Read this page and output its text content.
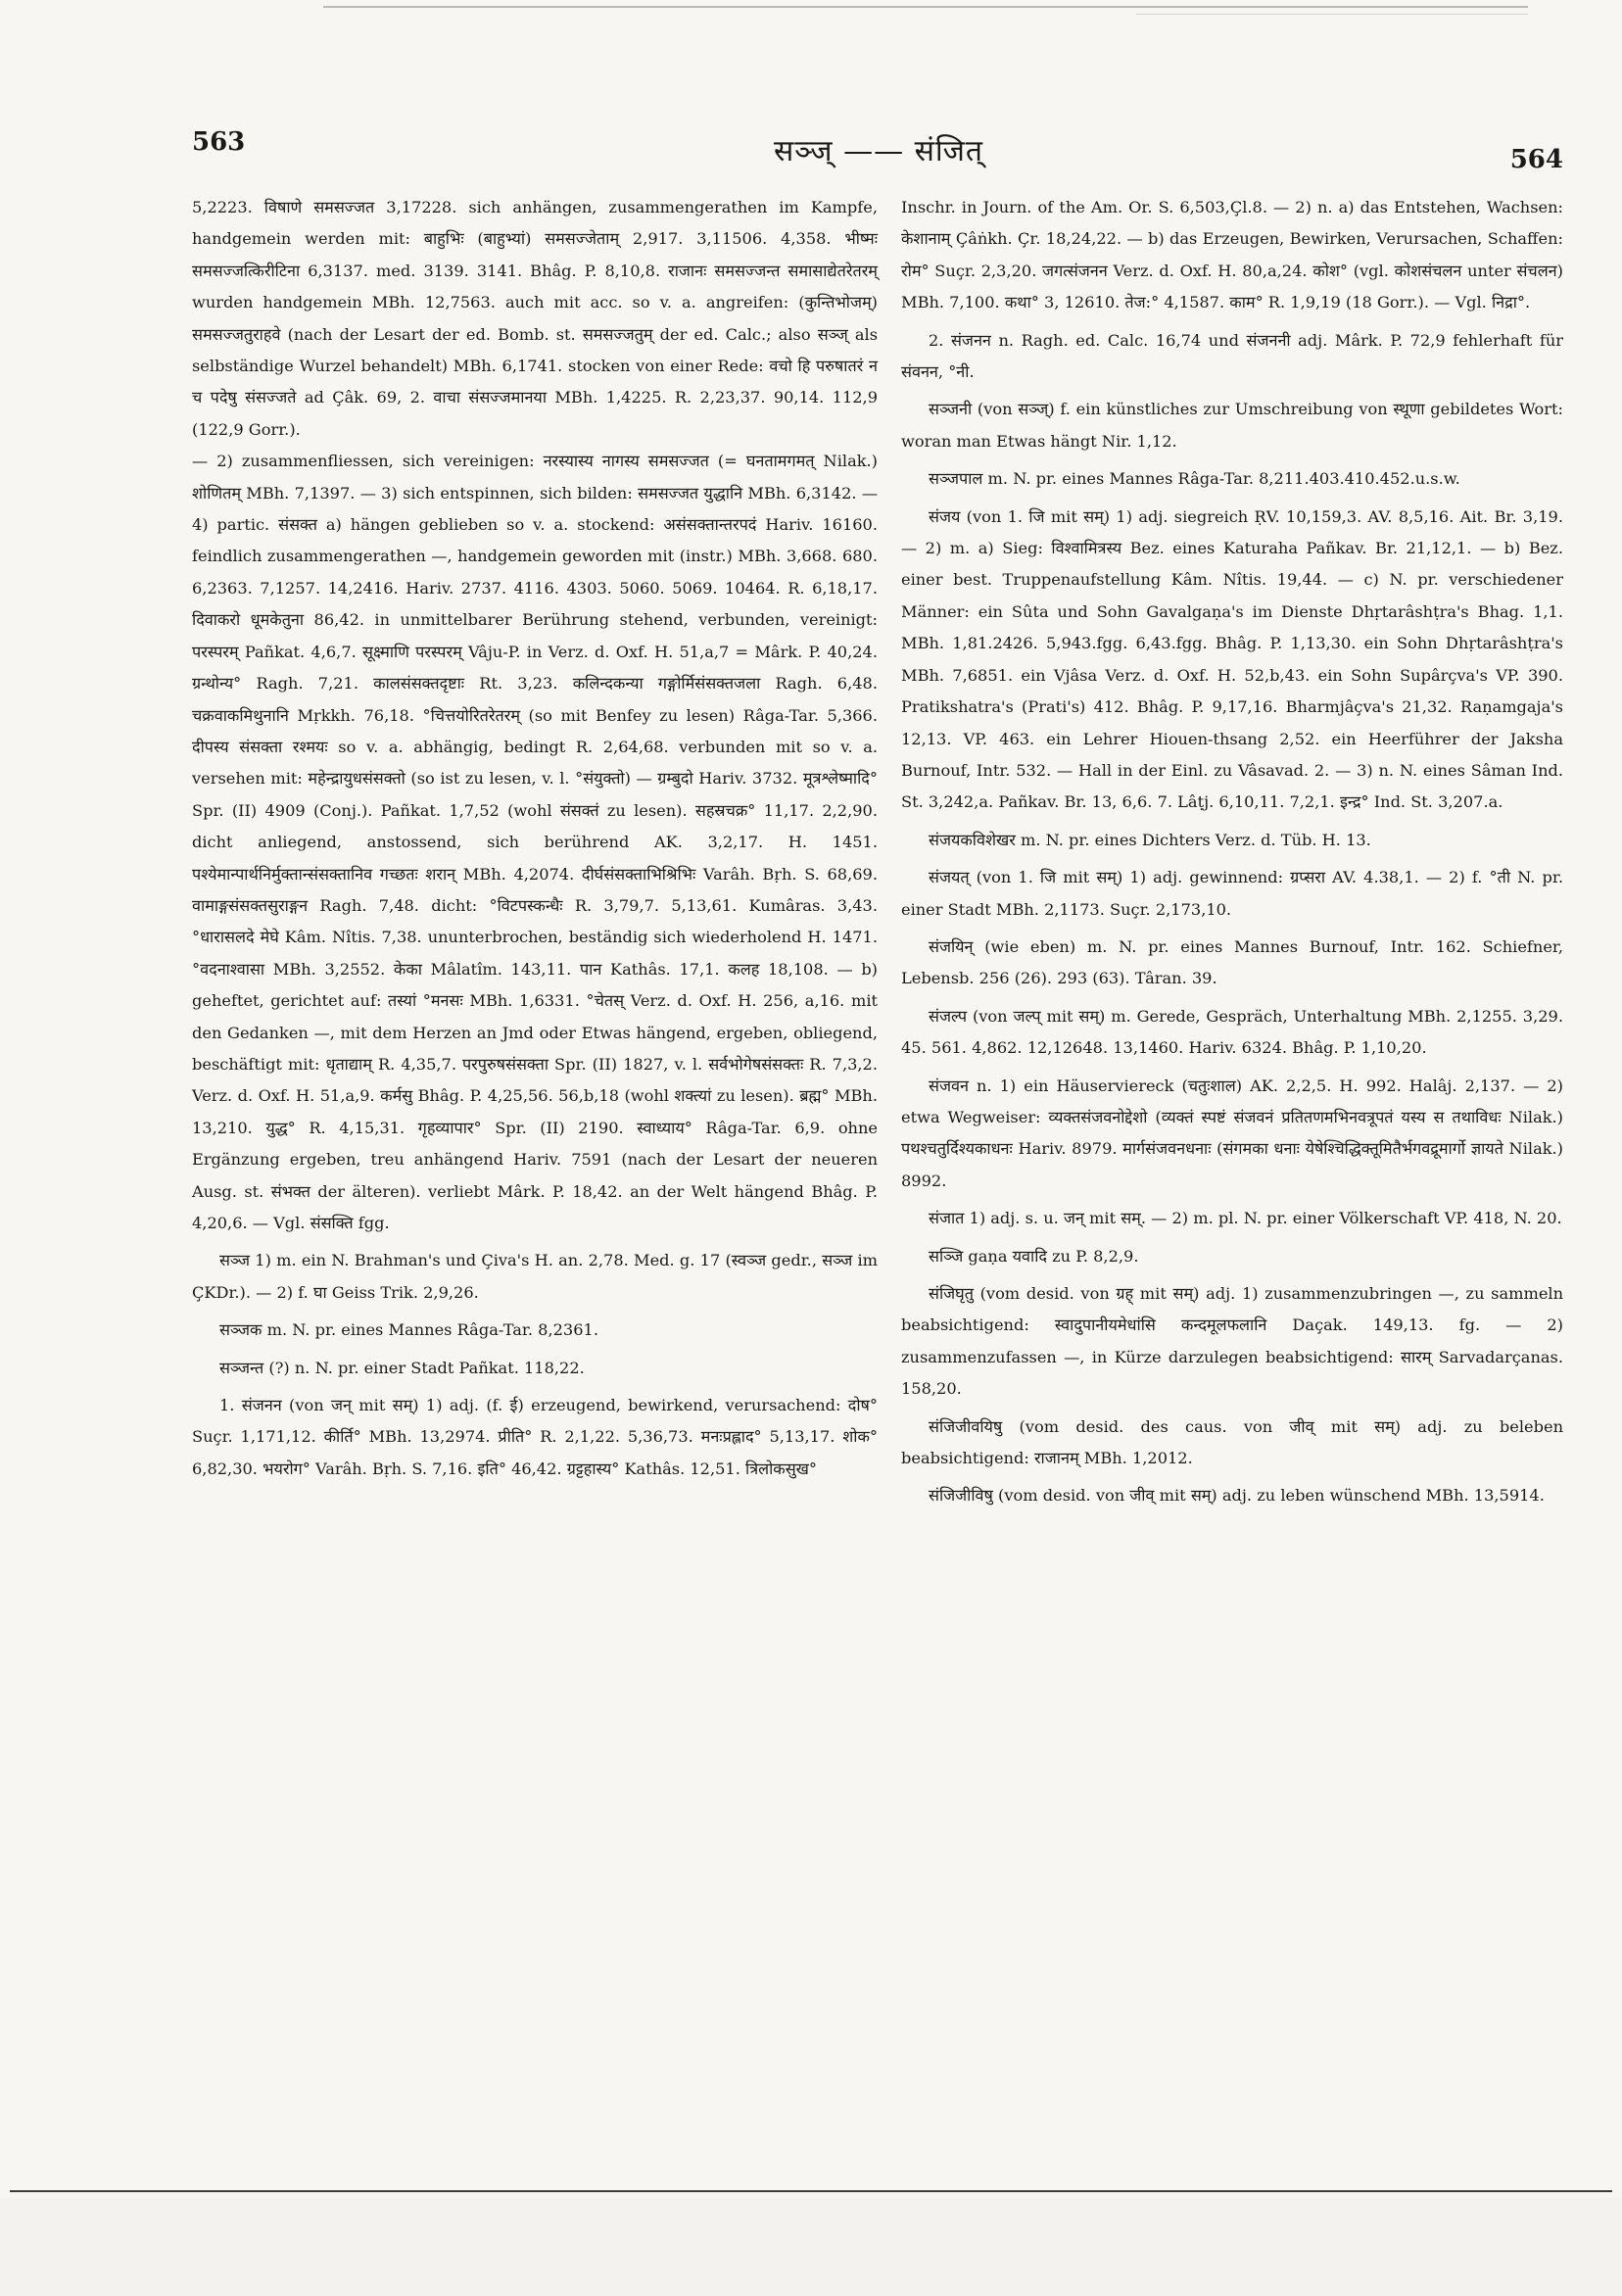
563	सञ्ज् —— संजित्	564

5,2223. विषाणे समसज्जत 3,17228. sich anhängen, zusammengerathen im Kampfe, handgemein werden mit: बाहुभिः (बाहुभ्यां) समसज्जेताम् 2,917. 3,11506. 4,358. भीष्मः समसज्जत्किरीटिना 6,3137. med. 3139. 3141. Bhâg. P. 8,10,8. राजानः समसज्जन्त समासाद्येतरेतरम् wurden handgemein MBh. 12,7563. auch mit acc. so v. a. angreifen: (कुन्तिभोजम्) समसज्जतुराहवे (nach der Lesart der ed. Bomb. st. समसज्जतुम् der ed. Calc.; also सञ्ज् als selbständige Wurzel behandelt) MBh. 6,1741. stocken von einer Rede: वचो हि परुषातरं न च पदेषु संसज्जते ad Çâk. 69, 2. वाचा संसज्जमानया MBh. 1,4225. R. 2,23,37. 90,14. 112,9 (122,9 Gorr.).

— 2) zusammenfliessen, sich vereinigen: नरस्यास्य नागस्य समसज्जत (= घनतामगमत् Nilak.) शोणितम् MBh. 7,1397. — 3) sich entspinnen, sich bilden: समसज्जत युद्धानि MBh. 6,3142. — 4) partic. संसक्त a) hängen geblieben so v. a. stockend: असंसक्तान्तरपदं Hariv. 16160. feindlich zusammengerathen —, handgemein geworden mit (instr.) MBh. 3,668. 680. 6,2363. 7,1257. 14,2416. Hariv. 2737. 4116. 4303. 5060. 5069. 10464. R. 6,18,17. दिवाकरो धूमकेतुना 86,42. in unmittelbarer Berührung stehend, verbunden, vereinigt: परस्परम् Pañkat. 4,6,7. सूक्ष्माणि परस्परम् Vâju-P. in Verz. d. Oxf. H. 51,a,7 = Mârk. P. 40,24. ग्रन्थोन्य° Ragh. 7,21. कालसंसक्तदृष्टाः Rt. 3,23. कलिन्दकन्या गङ्गोर्मिसंसक्तजला Ragh. 6,48. चक्रवाकमिथुनानि Mṛkkh. 76,18. °चित्तयोरितरेतरम् (so mit Benfey zu lesen) Râga-Tar. 5,366. दीपस्य संसक्ता रश्मयः so v. a. abhängig, bedingt R. 2,64,68. verbunden mit so v. a. versehen mit: महेन्द्रायुधसंसक्तो (so ist zu lesen, v. l. °संयुक्तो) — ग्रम्बुदो Hariv. 3732. मूत्रश्लेष्मादि° Spr. (II) 4909 (Conj.). Pañkat. 1,7,52 (wohl संसक्तं zu lesen). सहस्रचक्र° 11,17. 2,2,90. dicht anliegend, anstossend, sich berührend AK. 3,2,17. H. 1451. पश्येमान्पार्थनिर्मुक्तान्संसक्तानिव गच्छतः शरान् MBh. 4,2074. दीर्घसंसक्ताभिश्रिभिः Varâh. Bṛh. S. 68,69. वामाङ्गसंसक्तसुराङ्गन Ragh. 7,48. dicht: °विटपस्कन्धैः R. 3,79,7. 5,13,61. Kumâras. 3,43. °धारासलदे मेघे Kâm. Nîtis. 7,38. ununterbrochen, beständig sich wiederholend H. 1471. °वदनाश्वासा MBh. 3,2552. केका Mâlatîm. 143,11. पान Kathâs. 17,1. कलह 18,108. — b) geheftet, gerichtet auf: तस्यां °मनसः MBh. 1,6331. °चेतस् Verz. d. Oxf. H. 256, a,16. mit den Gedanken —, mit dem Herzen an Jmd oder Etwas hängend, ergeben, obliegend, beschäftigt mit: धृताद्याम् R. 4,35,7. परपुरुषसंसक्ता Spr. (II) 1827, v. l. सर्वभोगेषसंसक्तः R. 7,3,2. Verz. d. Oxf. H. 51,a,9. कर्मसु Bhâg. P. 4,25,56. 56,b,18 (wohl शक्त्यां zu lesen). ब्रह्म° MBh. 13,210. युद्ध° R. 4,15,31. गृहव्यापार° Spr. (II) 2190. स्वाध्याय° Râga-Tar. 6,9. ohne Ergänzung ergeben, treu anhängend Hariv. 7591 (nach der Lesart der neueren Ausg. st. संभक्त der älteren). verliebt Mârk. P. 18,42. an der Welt hängend Bhâg. P. 4,20,6. — Vgl. संसक्ति fgg.

सञ्ज 1) m. ein N. Brahman's und Çiva's H. an. 2,78. Med. g. 17 (स्वञ्ज gedr., सञ्ज im ÇKDr.). — 2) f. घा Geiss Trik. 2,9,26.

सञ्जक m. N. pr. eines Mannes Râga-Tar. 8,2361.

सञ्जन्त (?) n. N. pr. einer Stadt Pañkat. 118,22.

1. संजनन (von जन् mit सम्) 1) adj. (f. ई) erzeugend, bewirkend, verursachend: दोष° Suçr. 1,171,12. कीर्ति° MBh. 13,2974. प्रीति° R. 2,1,22. 5,36,73. मनःप्रह्लाद° 5,13,17. शोक° 6,82,30. भयरोग° Varâh. Bṛh. S. 7,16. इति° 46,42. ग्रट्टहास्य° Kathâs. 12,51. त्रिलोकसुख°

Inschr. in Journ. of the Am. Or. S. 6,503,Çl.8. — 2) n. a) das Entstehen, Wachsen: केशानाम् Çâṅkh. Çr. 18,24,22. — b) das Erzeugen, Bewirken, Verursachen, Schaffen: रोम° Suçr. 2,3,20. जगत्संजनन Verz. d. Oxf. H. 80,a,24. कोश° (vgl. कोशसंचलन unter संचलन) MBh. 7,100. कथा° 3, 12610. तेज:° 4,1587. काम° R. 1,9,19 (18 Gorr.). — Vgl. निद्रा°.

2. संजनन n. Ragh. ed. Calc. 16,74 und संजननी adj. Mârk. P. 72,9 fehlerhaft für संवनन, °नी.

सञ्जनी (von सञ्ज्) f. ein künstliches zur Umschreibung von स्थूणा gebildetes Wort: woran man Etwas hängt Nir. 1,12.

सञ्जपाल m. N. pr. eines Mannes Râga-Tar. 8,211.403.410.452.u.s.w.

संजय (von 1. जि mit सम्) 1) adj. siegreich ṚV. 10,159,3. AV. 8,5,16. Ait. Br. 3,19. — 2) m. a) Sieg: विश्वामित्रस्य Bez. eines Katuraha Pañkav. Br. 21,12,1. — b) Bez. einer best. Truppenaufstellung Kâm. Nîtis. 19,44. — c) N. pr. verschiedener Männer: ein Sûta und Sohn Gavalgaṇa's im Dienste Dhṛtarâshṭra's Bhag. 1,1. MBh. 1,81.2426. 5,943.fgg. 6,43.fgg. Bhâg. P. 1,13,30. ein Sohn Dhṛtarâshṭra's MBh. 7,6851. ein Vjâsa Verz. d. Oxf. H. 52,b,43. ein Sohn Supârçva's VP. 390. Pratikshatra's (Prati's) 412. Bhâg. P. 9,17,16. Bharmjâçva's 21,32. Raṇamgaja's 12,13. VP. 463. ein Lehrer Hiouen-thsang 2,52. ein Heerführer der Jaksha Burnouf, Intr. 532. — Hall in der Einl. zu Vâsavad. 2. — 3) n. N. eines Sâman Ind. St. 3,242,a. Pañkav. Br. 13, 6,6. 7. Lâṭj. 6,10,11. 7,2,1. इन्द्र° Ind. St. 3,207.a.

संजयकविशेखर m. N. pr. eines Dichters Verz. d. Tüb. H. 13.

संजयत् (von 1. जि mit सम्) 1) adj. gewinnend: ग्रप्सरा AV. 4.38,1. — 2) f. °ती N. pr. einer Stadt MBh. 2,1173. Suçr. 2,173,10.

संजयिन् (wie eben) m. N. pr. eines Mannes Burnouf, Intr. 162. Schiefner, Lebensb. 256 (26). 293 (63). Târan. 39.

संजल्प (von जल्प् mit सम्) m. Gerede, Gespräch, Unterhaltung MBh. 2,1255. 3,29. 45. 561. 4,862. 12,12648. 13,1460. Hariv. 6324. Bhâg. P. 1,10,20.

संजवन n. 1) ein Häuserviereck (चतुःशाल) AK. 2,2,5. H. 992. Halâj. 2,137. — 2) etwa Wegweiser: व्यक्तसंजवनोद्देशो (व्यक्तं स्पष्टं संजवनं प्रतितणमभिनवत्रूपतं यस्य स तथाविधः Nilak.) पथश्चतुर्दिश्यकाधनः Hariv. 8979. मार्गसंजवनधनाः (संगमका धनाः येषेश्चिद्धिक्तूमितैर्भगवद्रूमार्गो ज्ञायते Nilak.) 8992.

संजात 1) adj. s. u. जन् mit सम्. — 2) m. pl. N. pr. einer Völkerschaft VP. 418, N. 20.

सञ्जि gaṇa यवादि zu P. 8,2,9.

संजिघृतु (vom desid. von ग्रह् mit सम्) adj. 1) zusammenzubringen —, zu sammeln beabsichtigend: स्वादुपानीयमेधांसि कन्दमूलफलानि Daçak. 149,13. fg. — 2) zusammenzufassen —, in Kürze darzulegen beabsichtigend: सारम् Sarvadarçanas. 158,20.

संजिजीवयिषु (vom desid. des caus. von जीव् mit सम्) adj. zu beleben beabsichtigend: राजानम् MBh. 1,2012.

संजिजीविषु (vom desid. von जीव् mit सम्) adj. zu leben wünschend MBh. 13,5914.
